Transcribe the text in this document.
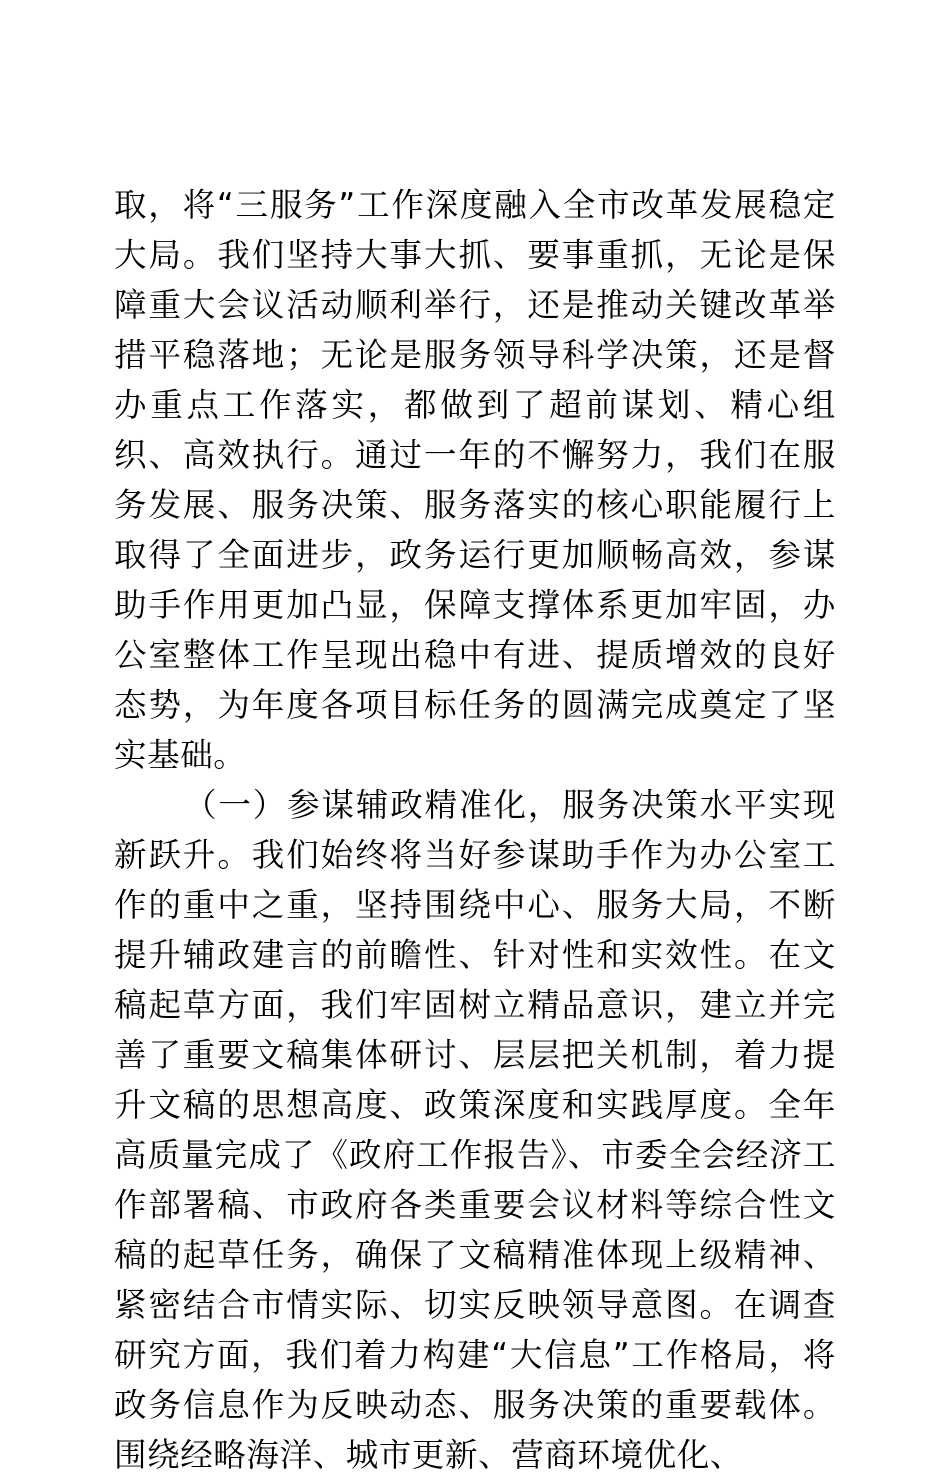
取，将“三服务”工作深度融入全市改革发展稳定大局。我们坚持大事大抓、要事重抓，无论是保障重大会议活动顺利举行，还是推动关键改革举措平稳落地；无论是服务领导科学决策，还是督办重点工作落实，都做到了超前谋划、精心组织、高效执行。通过一年的不懈努力，我们在服务发展、服务决策、服务落实的核心职能履行上取得了全面进步，政务运行更加顺畅高效，参谋助手作用更加凸显，保障支撑体系更加牢固，办公室整体工作呈现出稳中有进、提质增效的良好态势，为年度各项目标任务的圆满完成奠定了坚实基础。

（一）参谋辅政精准化，服务决策水平实现新跃升。我们始终将当好参谋助手作为办公室工作的重中之重，坚持围绕中心、服务大局，不断提升辅政建言的前瞻性、针对性和实效性。在文稿起草方面，我们牢固树立精品意识，建立并完善了重要文稿集体研讨、层层把关机制，着力提升文稿的思想高度、政策深度和实践厚度。全年高质量完成了《政府工作报告》、市委全会经济工作部署稿、市政府各类重要会议材料等综合性文稿的起草任务，确保了文稿精准体现上级精神、紧密结合市情实际、切实反映领导意图。在调查研究方面，我们着力构建“大信息”工作格局，将政务信息作为反映动态、服务决策的重要载体。围绕经略海洋、城市更新、营商环境优化、
